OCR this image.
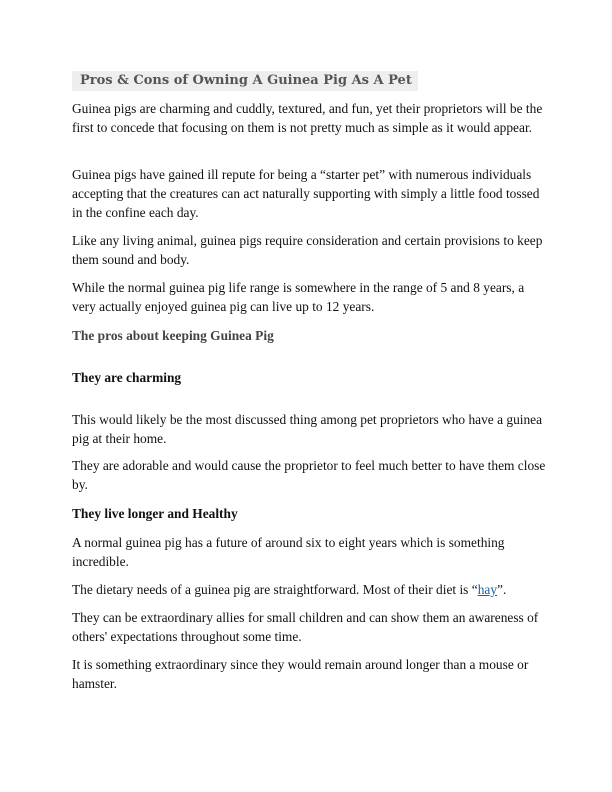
Pros & Cons of Owning A Guinea Pig As A Pet

Guinea pigs are charming and cuddly, textured, and fun, yet their proprietors will be the first to concede that focusing on them is not pretty much as simple as it would appear.

Guinea pigs have gained ill repute for being a “starter pet” with numerous individuals accepting that the creatures can act naturally supporting with simply a little food tossed in the confine each day.

Like any living animal, guinea pigs require consideration and certain provisions to keep them sound and body.

While the normal guinea pig life range is somewhere in the range of 5 and 8 years, a very actually enjoyed guinea pig can live up to 12 years.

The pros about keeping Guinea Pig
They are charming

This would likely be the most discussed thing among pet proprietors who have a guinea pig at their home.

They are adorable and would cause the proprietor to feel much better to have them close by.

They live longer and Healthy

A normal guinea pig has a future of around six to eight years which is something incredible.

The dietary needs of a guinea pig are straightforward. Most of their diet is “hay”.

They can be extraordinary allies for small children and can show them an awareness of others' expectations throughout some time.

It is something extraordinary since they would remain around longer than a mouse or hamster.
